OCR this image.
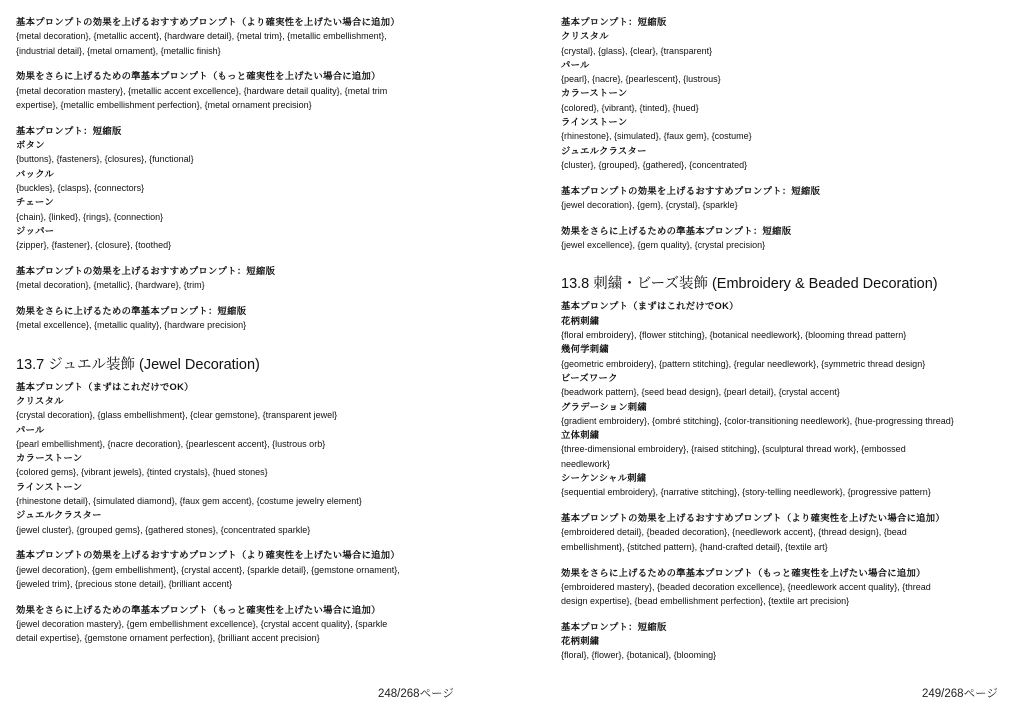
基本プロンプトの効果を上げるおすすめプロンプト（より確実性を上げたい場合に追加）
{metal decoration}, {metallic accent}, {hardware detail}, {metal trim}, {metallic embellishment},
{industrial detail}, {metal ornament}, {metallic finish}
効果をさらに上げるための準基本プロンプト（もっと確実性を上げたい場合に追加）
{metal decoration mastery}, {metallic accent excellence}, {hardware detail quality}, {metal trim
expertise}, {metallic embellishment perfection}, {metal ornament precision}
基本プロンプト：短縮版
ボタン
{buttons}, {fasteners}, {closures}, {functional}
バックル
{buckles}, {clasps}, {connectors}
チェーン
{chain}, {linked}, {rings}, {connection}
ジッパー
{zipper}, {fastener}, {closure}, {toothed}
基本プロンプトの効果を上げるおすすめプロンプト：短縮版
{metal decoration}, {metallic}, {hardware}, {trim}
効果をさらに上げるための準基本プロンプト：短縮版
{metal excellence}, {metallic quality}, {hardware precision}
13.7 ジュエル装飾 (Jewel Decoration)
基本プロンプト（まずはこれだけでOK）
クリスタル
{crystal decoration}, {glass embellishment}, {clear gemstone}, {transparent jewel}
パール
{pearl embellishment}, {nacre decoration}, {pearlescent accent}, {lustrous orb}
カラーストーン
{colored gems}, {vibrant jewels}, {tinted crystals}, {hued stones}
ラインストーン
{rhinestone detail}, {simulated diamond}, {faux gem accent}, {costume jewelry element}
ジュエルクラスター
{jewel cluster}, {grouped gems}, {gathered stones}, {concentrated sparkle}
基本プロンプトの効果を上げるおすすめプロンプト（より確実性を上げたい場合に追加）
{jewel decoration}, {gem embellishment}, {crystal accent}, {sparkle detail}, {gemstone ornament},
{jeweled trim}, {precious stone detail}, {brilliant accent}
効果をさらに上げるための準基本プロンプト（もっと確実性を上げたい場合に追加）
{jewel decoration mastery}, {gem embellishment excellence}, {crystal accent quality}, {sparkle
detail expertise}, {gemstone ornament perfection}, {brilliant accent precision}
基本プロンプト：短縮版
クリスタル
{crystal}, {glass}, {clear}, {transparent}
パール
{pearl}, {nacre}, {pearlescent}, {lustrous}
カラーストーン
{colored}, {vibrant}, {tinted}, {hued}
ラインストーン
{rhinestone}, {simulated}, {faux gem}, {costume}
ジュエルクラスター
{cluster}, {grouped}, {gathered}, {concentrated}
基本プロンプトの効果を上げるおすすめプロンプト：短縮版
{jewel decoration}, {gem}, {crystal}, {sparkle}
効果をさらに上げるための準基本プロンプト：短縮版
{jewel excellence}, {gem quality}, {crystal precision}
13.8 刺繍・ビーズ装飾 (Embroidery & Beaded Decoration)
基本プロンプト（まずはこれだけでOK）
花柄刺繍
{floral embroidery}, {flower stitching}, {botanical needlework}, {blooming thread pattern}
幾何学刺繍
{geometric embroidery}, {pattern stitching}, {regular needlework}, {symmetric thread design}
ビーズワーク
{beadwork pattern}, {seed bead design}, {pearl detail}, {crystal accent}
グラデーション刺繍
{gradient embroidery}, {ombré stitching}, {color-transitioning needlework}, {hue-progressing thread}
立体刺繍
{three-dimensional embroidery}, {raised stitching}, {sculptural thread work}, {embossed
needlework}
シーケンシャル刺繍
{sequential embroidery}, {narrative stitching}, {story-telling needlework}, {progressive pattern}
基本プロンプトの効果を上げるおすすめプロンプト（より確実性を上げたい場合に追加）
{embroidered detail}, {beaded decoration}, {needlework accent}, {thread design}, {bead
embellishment}, {stitched pattern}, {hand-crafted detail}, {textile art}
効果をさらに上げるための準基本プロンプト（もっと確実性を上げたい場合に追加）
{embroidered mastery}, {beaded decoration excellence}, {needlework accent quality}, {thread
design expertise}, {bead embellishment perfection}, {textile art precision}
基本プロンプト：短縮版
花柄刺繍
{floral}, {flower}, {botanical}, {blooming}
248/268ページ	249/268ページ
